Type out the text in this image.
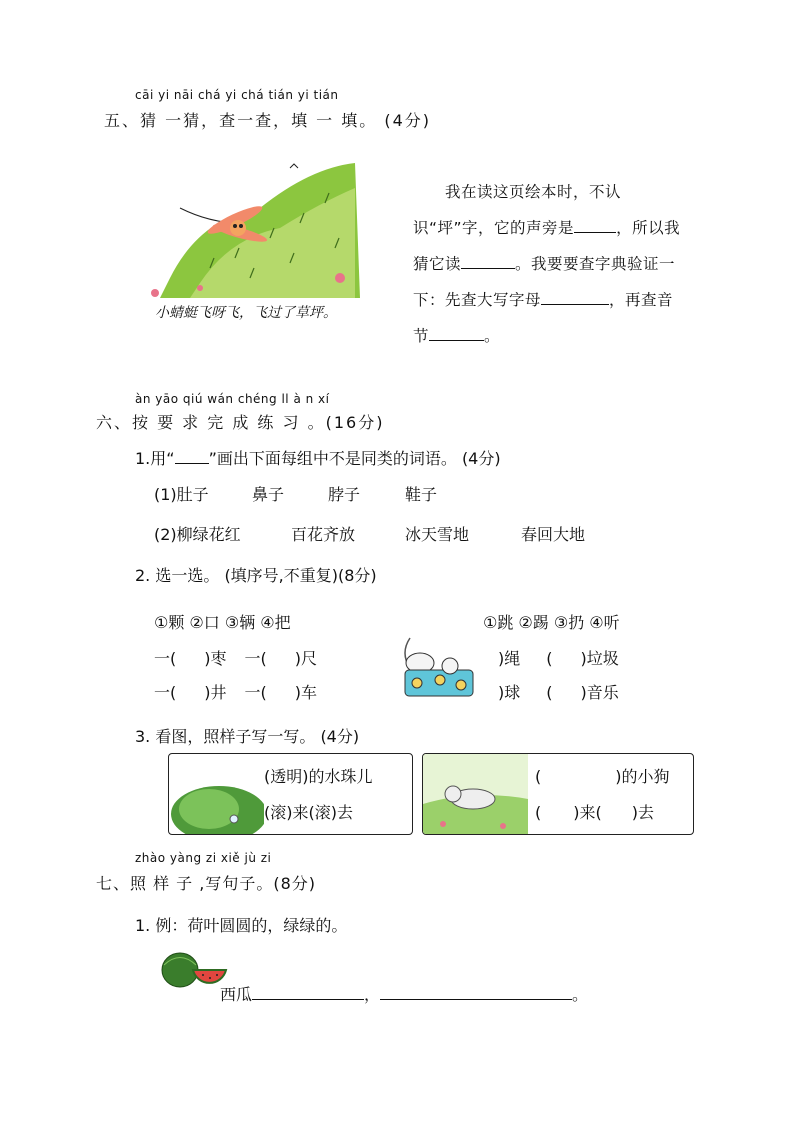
cāi yi nāi chá yi chá tián yi tián
五、猜 一猜，查一查，填 一 填。 (4分)
小蜻蜓飞呀飞，飞过了草坪。
我在读这页绘本时，不认识“坪”字，它的声旁是	，所以我猜它读	。我要要查字典验证一下：先查大写字母	，再查音节	。
àn yāo qiú wán chéng ll à n xí
六、按 要 求 完 成 练 习 。(16分)
1.用“ ”画出下面每组中不是同类的词语。 (4分)
(1)肚子	鼻子	脖子	鞋子
(2)柳绿花红	百花齐放	冰天雪地	春回大地
2. 选一选。 (填序号,不重复)(8分)
①颗 ②口 ③辆 ④把
一( )枣 一( )尺
一( )井 一( )车
①跳 ②踢 ③扔 ④听
)绳 ( )垃圾
)球 ( )音乐
3. 看图，照样子写一写。 (4分)
(透明)的水珠儿
(滚)来(滚)去
(	)的小狗
( )来( )去
zhào yàng zi xiě jù zi
七、照 样 子 ,写句子。(8分)
1. 例：荷叶圆圆的，绿绿的。
西瓜	，	。
